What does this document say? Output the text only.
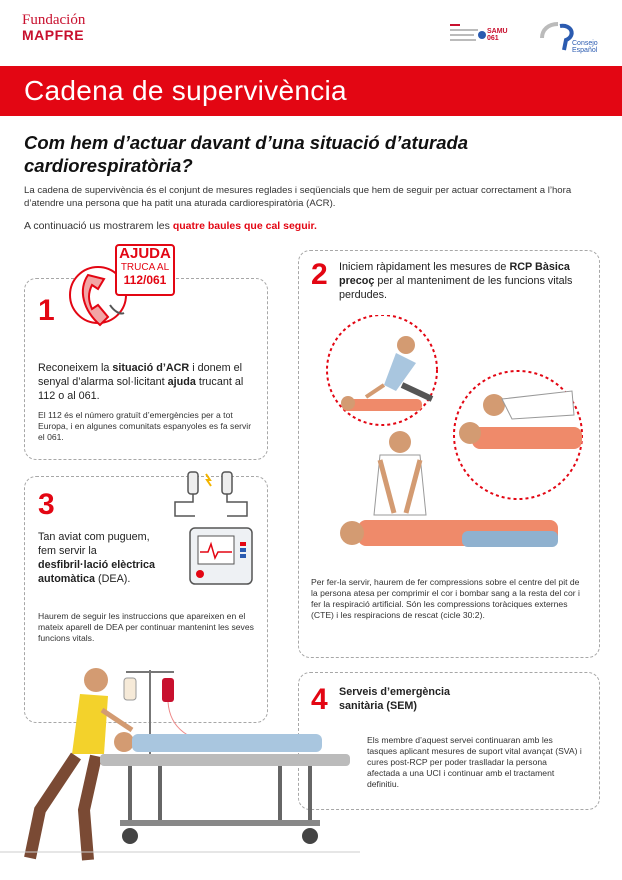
Fundación
MAPFRE	SAMU
061
Consejo
Español
Cadena de supervivència
Com hem d’actuar davant d’una situació d’aturada cardiorespiratòria?
La cadena de supervivència és el conjunt de mesures reglades i seqüencials que hem de seguir per actuar correctament a l’hora d’atendre una persona que ha patit una aturada cardiorespiratòria (ACR).
A continuació us mostrarem les quatre baules que cal seguir.
AJUDA
TRUCA AL
112/061
1
Reconeixem la situació d’ACR i donem el senyal d’alarma sol·licitant ajuda trucant al 112 o al 061.
El 112 és el número gratuït d’emergències per a tot Europa, i en algunes comunitats espanyoles es fa servir el 061.
3
Tan aviat com puguem, fem servir la desfibril·lació elèctrica automàtica (DEA).
Haurem de seguir les instruccions que apareixen en el mateix aparell de DEA per continuar mantenint les seves funcions vitals.
2 Iniciem ràpidament les mesures de RCP Bàsica precoç per al manteniment de les funcions vitals perdudes.
Per fer-la servir, haurem de fer compressions sobre el centre del pit de la persona atesa per comprimir el cor i bombar sang a la resta del cor i fer la respiració artificial. Són les compressions toràciques externes (CTE) i les respiracions de rescat (cicle 30:2).
4 Serveis d’emergència sanitària (SEM)
Els membre d’aquest servei continuaran amb les tasques aplicant mesures de suport vital avançat (SVA) i cures post-RCP per poder traslladar la persona afectada a una UCI i continuar amb el tractament definitiu.
